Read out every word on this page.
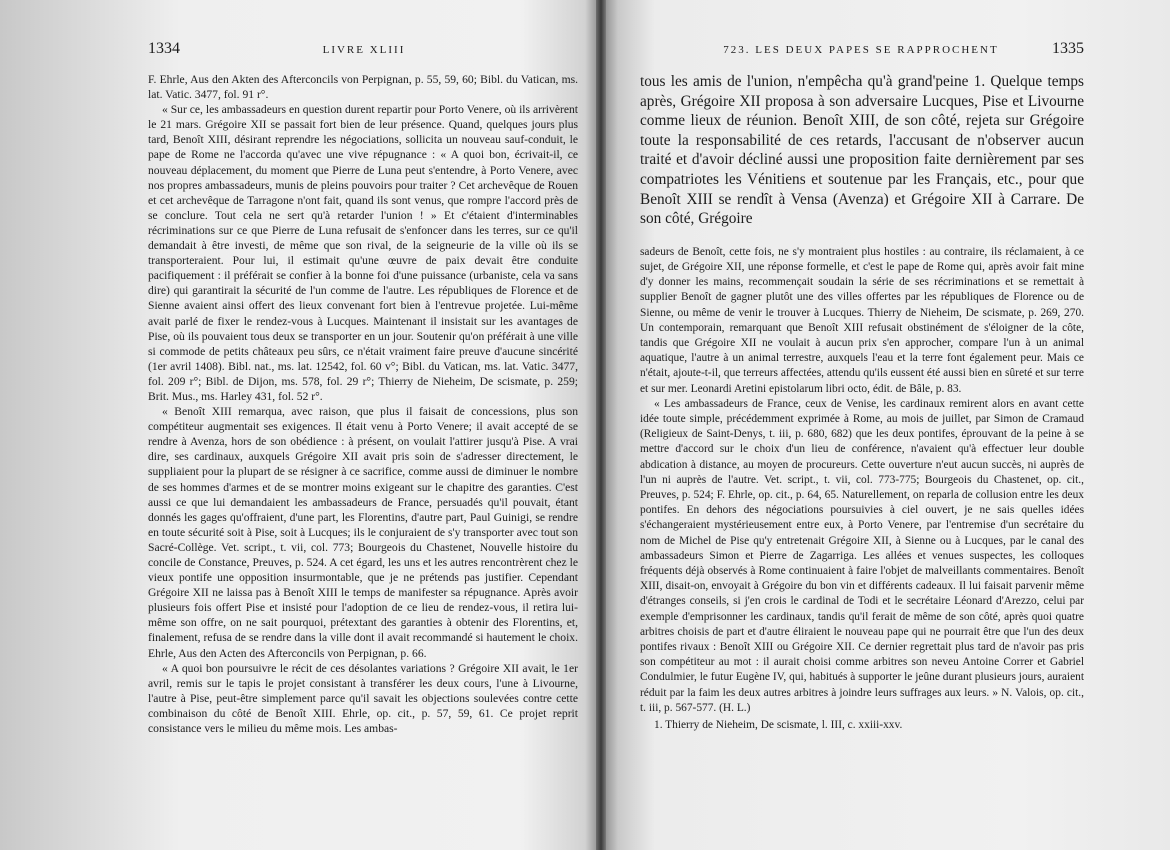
1334	LIVRE XLIII

F. Ehrle, Aus den Akten des Afterconcils von Perpignan, p. 55, 59, 60; Bibl. du Vatican, ms. lat. Vatic. 3477, fol. 91 r°.

« Sur ce, les ambassadeurs en question durent repartir pour Porto Venere, où ils arrivèrent le 21 mars. Grégoire XII se passait fort bien de leur présence. Quand, quelques jours plus tard, Benoît XIII, désirant reprendre les négociations, sollicita un nouveau sauf-conduit, le pape de Rome ne l'accorda qu'avec une vive répugnance : « A quoi bon, écrivait-il, ce nouveau déplacement, du moment que Pierre de Luna peut s'entendre, à Porto Venere, avec nos propres ambassadeurs, munis de pleins pouvoirs pour traiter ? Cet archevêque de Rouen et cet archevêque de Tarragone n'ont fait, quand ils sont venus, que rompre l'accord près de se conclure. Tout cela ne sert qu'à retarder l'union ! » Et c'étaient d'interminables récriminations sur ce que Pierre de Luna refusait de s'enfoncer dans les terres, sur ce qu'il demandait à être investi, de même que son rival, de la seigneurie de la ville où ils se transporteraient. Pour lui, il estimait qu'une œuvre de paix devait être conduite pacifiquement : il préférait se confier à la bonne foi d'une puissance (urbaniste, cela va sans dire) qui garantirait la sécurité de l'un comme de l'autre. Les républiques de Florence et de Sienne avaient ainsi offert des lieux convenant fort bien à l'entrevue projetée. Lui-même avait parlé de fixer le rendez-vous à Lucques. Maintenant il insistait sur les avantages de Pise, où ils pouvaient tous deux se transporter en un jour. Soutenir qu'on préférait à une ville si commode de petits châteaux peu sûrs, ce n'était vraiment faire preuve d'aucune sincérité (1er avril 1408). Bibl. nat., ms. lat. 12542, fol. 60 v°; Bibl. du Vatican, ms. lat. Vatic. 3477, fol. 209 r°; Bibl. de Dijon, ms. 578, fol. 29 r°; Thierry de Nieheim, De scismate, p. 259; Brit. Mus., ms. Harley 431, fol. 52 r°.

« Benoît XIII remarqua, avec raison, que plus il faisait de concessions, plus son compétiteur augmentait ses exigences. Il était venu à Porto Venere; il avait accepté de se rendre à Avenza, hors de son obédience : à présent, on voulait l'attirer jusqu'à Pise. A vrai dire, ses cardinaux, auxquels Grégoire XII avait pris soin de s'adresser directement, le suppliaient pour la plupart de se résigner à ce sacrifice, comme aussi de diminuer le nombre de ses hommes d'armes et de se montrer moins exigeant sur le chapitre des garanties. C'est aussi ce que lui demandaient les ambassadeurs de France, persuadés qu'il pouvait, étant donnés les gages qu'offraient, d'une part, les Florentins, d'autre part, Paul Guinigi, se rendre en toute sécurité soit à Pise, soit à Lucques; ils le conjuraient de s'y transporter avec tout son Sacré-Collège. Vet. script., t. vii, col. 773; Bourgeois du Chastenet, Nouvelle histoire du concile de Constance, Preuves, p. 524. A cet égard, les uns et les autres rencontrèrent chez le vieux pontife une opposition insurmontable, que je ne prétends pas justifier. Cependant Grégoire XII ne laissa pas à Benoît XIII le temps de manifester sa répugnance. Après avoir plusieurs fois offert Pise et insisté pour l'adoption de ce lieu de rendez-vous, il retira lui-même son offre, on ne sait pourquoi, prétextant des garanties à obtenir des Florentins, et, finalement, refusa de se rendre dans la ville dont il avait recommandé si hautement le choix. Ehrle, Aus den Acten des Afterconcils von Perpignan, p. 66.

« A quoi bon poursuivre le récit de ces désolantes variations ? Grégoire XII avait, le 1er avril, remis sur le tapis le projet consistant à transférer les deux cours, l'une à Livourne, l'autre à Pise, peut-être simplement parce qu'il savait les objections soulevées contre cette combinaison du côté de Benoît XIII. Ehrle, op. cit., p. 57, 59, 61. Ce projet reprit consistance vers le milieu du même mois. Les ambas-

723. LES DEUX PAPES SE RAPPROCHENT	1335

tous les amis de l'union, n'empêcha qu'à grand'peine 1. Quelque temps après, Grégoire XII proposa à son adversaire Lucques, Pise et Livourne comme lieux de réunion. Benoît XIII, de son côté, rejeta sur Grégoire toute la responsabilité de ces retards, l'accusant de n'observer aucun traité et d'avoir décliné aussi une proposition faite dernièrement par ses compatriotes les Vénitiens et soutenue par les Français, etc., pour que Benoît XIII se rendît à Vensa (Avenza) et Grégoire XII à Carrare. De son côté, Grégoire

sadeurs de Benoît, cette fois, ne s'y montraient plus hostiles : au contraire, ils réclamaient, à ce sujet, de Grégoire XII, une réponse formelle, et c'est le pape de Rome qui, après avoir fait mine d'y donner les mains, recommençait soudain la série de ses récriminations et se remettait à supplier Benoît de gagner plutôt une des villes offertes par les républiques de Florence ou de Sienne, ou même de venir le trouver à Lucques. Thierry de Nieheim, De scismate, p. 269, 270. Un contemporain, remarquant que Benoît XIII refusait obstinément de s'éloigner de la côte, tandis que Grégoire XII ne voulait à aucun prix s'en approcher, compare l'un à un animal aquatique, l'autre à un animal terrestre, auxquels l'eau et la terre font également peur. Mais ce n'était, ajoute-t-il, que terreurs affectées, attendu qu'ils eussent été aussi bien en sûreté et sur terre et sur mer. Leonardi Aretini epistolarum libri octo, édit. de Bâle, p. 83.

« Les ambassadeurs de France, ceux de Venise, les cardinaux remirent alors en avant cette idée toute simple, précédemment exprimée à Rome, au mois de juillet, par Simon de Cramaud (Religieux de Saint-Denys, t. iii, p. 680, 682) que les deux pontifes, éprouvant de la peine à se mettre d'accord sur le choix d'un lieu de conférence, n'avaient qu'à effectuer leur double abdication à distance, au moyen de procureurs. Cette ouverture n'eut aucun succès, ni auprès de l'un ni auprès de l'autre. Vet. script., t. vii, col. 773-775; Bourgeois du Chastenet, op. cit., Preuves, p. 524; F. Ehrle, op. cit., p. 64, 65. Naturellement, on reparla de collusion entre les deux pontifes. En dehors des négociations poursuivies à ciel ouvert, je ne sais quelles idées s'échangeraient mystérieusement entre eux, à Porto Venere, par l'entremise d'un secrétaire du nom de Michel de Pise qu'y entretenait Grégoire XII, à Sienne ou à Lucques, par le canal des ambassadeurs Simon et Pierre de Zagarriga. Les allées et venues suspectes, les colloques fréquents déjà observés à Rome continuaient à faire l'objet de malveillants commentaires. Benoît XIII, disait-on, envoyait à Grégoire du bon vin et différents cadeaux. Il lui faisait parvenir même d'étranges conseils, si j'en crois le cardinal de Todi et le secrétaire Léonard d'Arezzo, celui par exemple d'emprisonner les cardinaux, tandis qu'il ferait de même de son côté, après quoi quatre arbitres choisis de part et d'autre éliraient le nouveau pape qui ne pourrait être que l'un des deux pontifes rivaux : Benoît XIII ou Grégoire XII. Ce dernier regrettait plus tard de n'avoir pas pris son compétiteur au mot : il aurait choisi comme arbitres son neveu Antoine Correr et Gabriel Condulmier, le futur Eugène IV, qui, habitués à supporter le jeûne durant plusieurs jours, auraient réduit par la faim les deux autres arbitres à joindre leurs suffrages aux leurs. » N. Valois, op. cit., t. iii, p. 567-577. (H. L.)

1. Thierry de Nieheim, De scismate, l. III, c. xxiii-xxv.
